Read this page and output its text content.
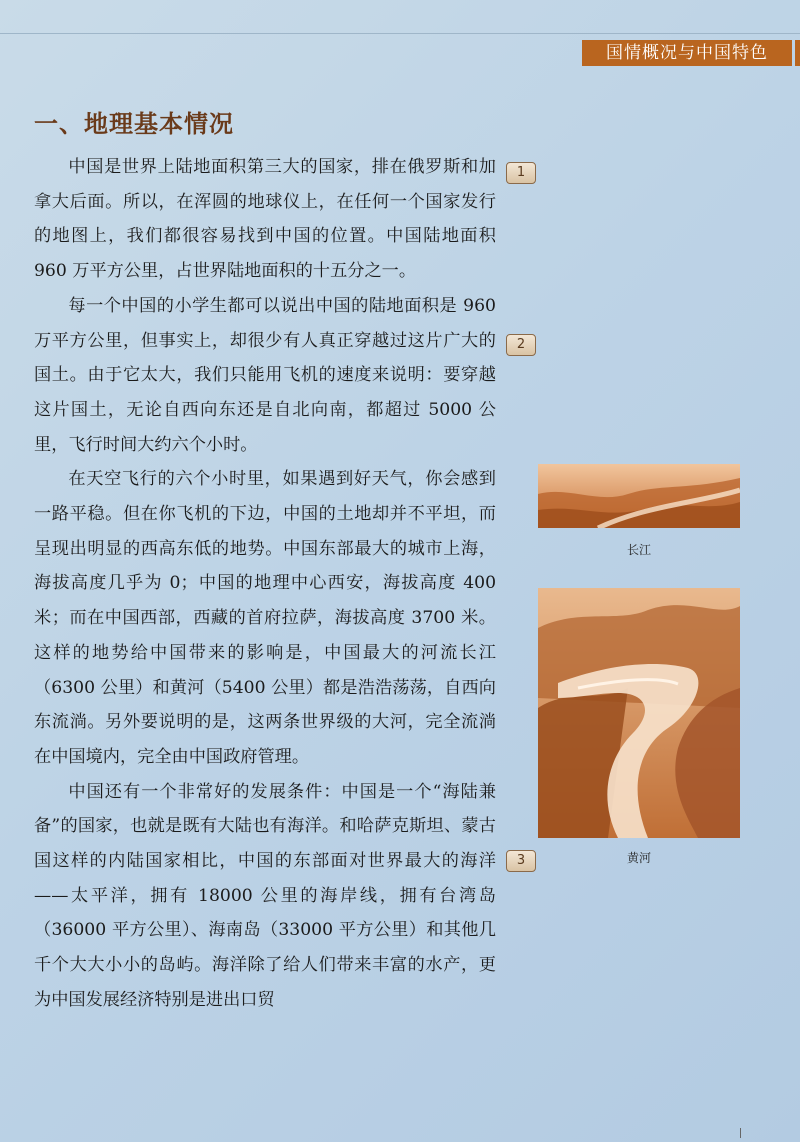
国情概况与中国特色
一、地理基本情况

中国是世界上陆地面积第三大的国家，排在俄罗斯和加拿大后面。所以，在浑圆的地球仪上，在任何一个国家发行的地图上，我们都很容易找到中国的位置。中国陆地面积 960 万平方公里，占世界陆地面积的十五分之一。

每一个中国的小学生都可以说出中国的陆地面积是 960 万平方公里，但事实上，却很少有人真正穿越过这片广大的国土。由于它太大，我们只能用飞机的速度来说明：要穿越这片国土，无论自西向东还是自北向南，都超过 5000 公里，飞行时间大约六个小时。

在天空飞行的六个小时里，如果遇到好天气，你会感到一路平稳。但在你飞机的下边，中国的土地却并不平坦，而呈现出明显的西高东低的地势。中国东部最大的城市上海，海拔高度几乎为 0；中国的地理中心西安，海拔高度 400 米；而在中国西部，西藏的首府拉萨，海拔高度 3700 米。这样的地势给中国带来的影响是，中国最大的河流长江（6300 公里）和黄河（5400 公里）都是浩浩荡荡，自西向东流淌。另外要说明的是，这两条世界级的大河，完全流淌在中国境内，完全由中国政府管理。

中国还有一个非常好的发展条件：中国是一个“海陆兼备”的国家，也就是既有大陆也有海洋。和哈萨克斯坦、蒙古国这样的内陆国家相比，中国的东部面对世界最大的海洋——太平洋，拥有 18000 公里的海岸线，拥有台湾岛（36000 平方公里）、海南岛（33000 平方公里）和其他几千个大大小小的岛屿。海洋除了给人们带来丰富的水产，更为中国发展经济特别是进出口贸

1
2
3
长江
黄河
